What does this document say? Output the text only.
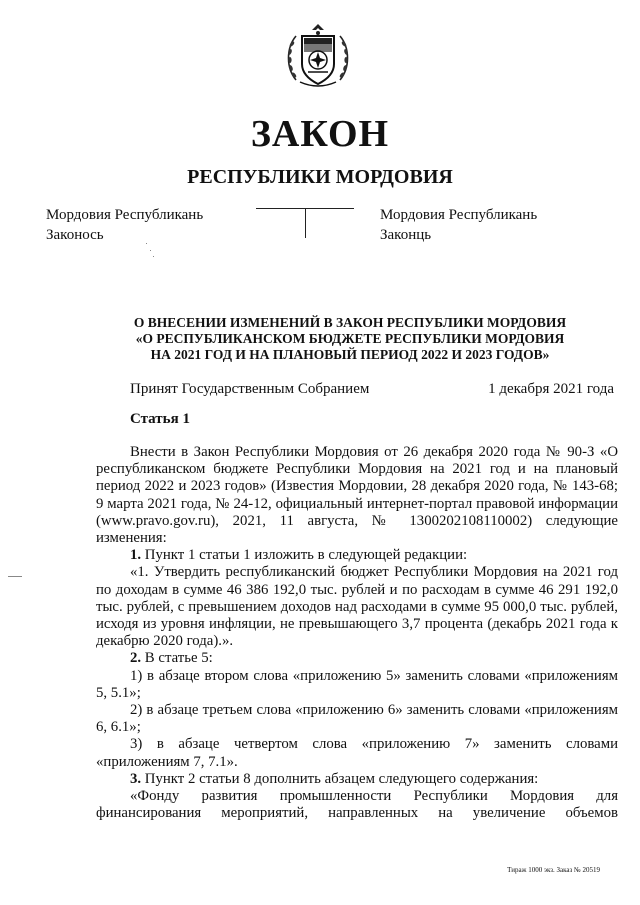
ЗАКОН
РЕСПУБЛИКИ МОРДОВИЯ
Мордовия Республикань
Законось
Мордовия Республикань
Законць
О ВНЕСЕНИИ ИЗМЕНЕНИЙ В ЗАКОН РЕСПУБЛИКИ МОРДОВИЯ
«О РЕСПУБЛИКАНСКОМ БЮДЖЕТЕ РЕСПУБЛИКИ МОРДОВИЯ
НА 2021 ГОД И НА ПЛАНОВЫЙ ПЕРИОД 2022 И 2023 ГОДОВ»
Принят Государственным Собранием	1 декабря 2021 года
Статья 1

Внести в Закон Республики Мордовия от 26 декабря 2020 года № 90-З «О республиканском бюджете Республики Мордовия на 2021 год и на плановый период 2022 и 2023 годов» (Известия Мордовии, 28 декабря 2020 года, № 143-68; 9 марта 2021 года, № 24-12, официальный интернет-портал правовой информации (www.pravo.gov.ru), 2021, 11 августа, № 1300202108110002) следующие изменения:

1. Пункт 1 статьи 1 изложить в следующей редакции:

«1. Утвердить республиканский бюджет Республики Мордовия на 2021 год по доходам в сумме 46 386 192,0 тыс. рублей и по расходам в сумме 46 291 192,0 тыс. рублей, с превышением доходов над расходами в сумме 95 000,0 тыс. рублей, исходя из уровня инфляции, не превышающего 3,7 процента (декабрь 2021 года к декабрю 2020 года).».

2. В статье 5:

1) в абзаце втором слова «приложению 5» заменить словами «приложениям 5, 5.1»;

2) в абзаце третьем слова «приложению 6» заменить словами «приложениям 6, 6.1»;

3) в абзаце четвертом слова «приложению 7» заменить словами «приложениям 7, 7.1».

3. Пункт 2 статьи 8 дополнить абзацем следующего содержания:

«Фонду развития промышленности Республики Мордовия для финансирования мероприятий, направленных на увеличение объемов

Тираж 1000 экз. Заказ № 20519
